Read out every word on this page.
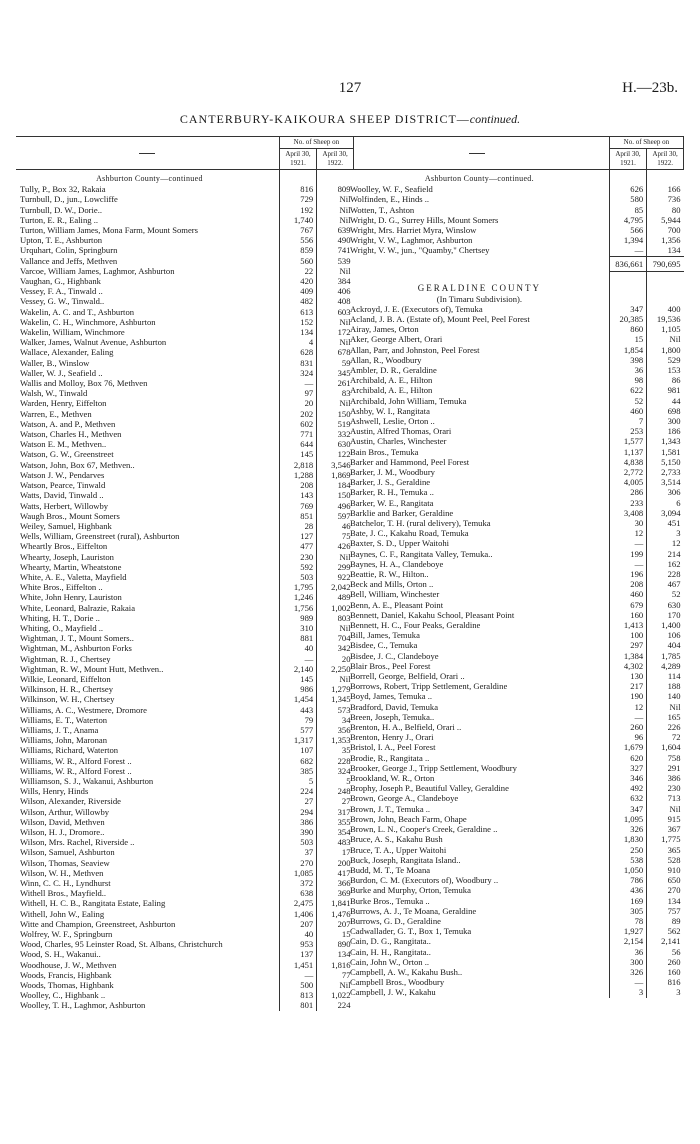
127	H.—23b.
CANTERBURY-KAIKOURA SHEEP DISTRICT—continued.
	No. of Sheep on	
	April 30, 1921.	April 30, 1922.
Ashburton County—continued		
Tully, P., Box 32, Rakaia	816	809
Turnbull, D., jun., Lowcliffe	729	Nil
Turnbull, D. W., Dorie..	192	Nil
Turton, E. R., Ealing ..	1,740	Nil
Turton, William James, Mona Farm, Mount Somers	767	639
Upton, T. E., Ashburton	556	490
Urquhart, Colin, Springburn	859	741
Vallance and Jeffs, Methven	560	539
Varcoe, William James, Laghmor, Ashburton	22	Nil
Vaughan, G., Highbank	420	384
Vessey, F. A., Tinwald ..	409	406
Vessey, G. W., Tinwald..	482	408
Wakelin, A. C. and T., Ashburton	613	603
Wakelin, C. H., Winchmore, Ashburton	152	Nil
Wakelin, William, Winchmore	134	172
Walker, James, Walnut Avenue, Ashburton	4	Nil
Wallace, Alexander, Ealing	628	678
Waller, B., Winslow	831	59
Waller, W. J., Seafield ..	324	345
Wallis and Molloy, Box 76, Methven	—	261
Walsh, W., Tinwald	97	83
Warden, Henry, Eiffelton	20	Nil
Warren, E., Methven	202	150
Watson, A. and P., Methven	602	519
Watson, Charles H., Methven	771	332
Watson E. M., Methven..	644	630
Watson, G. W., Greenstreet	145	122
Watson, John, Box 67, Methven..	2,818	3,546
Watson J. W., Pendarves	1,288	1,869
Watson, Pearce, Tinwald	208	184
Watts, David, Tinwald ..	143	150
Watts, Herbert, Willowby	769	496
Waugh Bros., Mount Somers	851	597
Weiley, Samuel, Highbank	28	46
Wells, William, Greenstreet (rural), Ashburton	127	75
Wheartly Bros., Eiffelton	477	426
Whearty, Joseph, Lauriston	230	Nil
Whearty, Martin, Wheatstone	592	299
White, A. E., Valetta, Mayfield	503	922
White Bros., Eiffelton ..	1,795	2,042
White, John Henry, Lauriston	1,246	489
White, Leonard, Balrazie, Rakaia	1,756	1,002
Whiting, H. T., Dorie ..	989	803
Whiting, O., Mayfield ..	310	Nil
Wightman, J. T., Mount Somers..	881	704
Wightman, M., Ashburton Forks	40	342
Wightman, R. J., Chertsey	—	20
Wightman, R. W., Mount Hutt, Methven..	2,140	2,250
Wilkie, Leonard, Eiffelton	145	Nil
Wilkinson, H. R., Chertsey	986	1,279
Wilkinson, W. H., Chertsey	1,454	1,345
Williams, A. C., Westmere, Dromore	443	573
Williams, E. T., Waterton	79	34
Williams, J. T., Anama	577	356
Williams, John, Maronan	1,317	1,353
Williams, Richard, Waterton	107	35
Williams, W. R., Alford Forest ..	682	228
Williams, W. R., Alford Forest ..	385	324
Williamson, S. J., Wakanui, Ashburton	5	5
Wills, Henry, Hinds	224	248
Wilson, Alexander, Riverside	27	27
Wilson, Arthur, Willowby	294	317
Wilson, David, Methven	386	355
Wilson, H. J., Dromore..	390	354
Wilson, Mrs. Rachel, Riverside ..	503	483
Wilson, Samuel, Ashburton	37	17
Wilson, Thomas, Seaview	270	200
Wilson, W. H., Methven	1,085	417
Winn, C. C. H., Lyndhurst	372	366
Withell Bros., Mayfield..	638	369
Withell, H. C. B., Rangitata Estate, Ealing	2,475	1,841
Withell, John W., Ealing	1,406	1,476
Witte and Champion, Greenstreet, Ashburton	207	207
Wolfrey, W. F., Springburn	40	15
Wood, Charles, 95 Leinster Road, St. Albans, Christchurch	953	890
Wood, S. H., Wakanui..	137	134
Woodhouse, J. W., Methven	1,451	1,816
Woods, Francis, Highbank	—	77
Woods, Thomas, Highbank	500	Nil
Woolley, C., Highbank ..	813	1,022
Woolley, T. H., Laghmor, Ashburton	801	224
	No. of Sheep on	
	April 30, 1921.	April 30, 1922.
Ashburton County—continued.		
Woolley, W. F., Seafield	626	166
Wolfinden, E., Hinds ..	580	736
Wotten, T., Ashton	85	80
Wright, D. G., Surrey Hills, Mount Somers	4,795	5,944
Wright, Mrs. Harriet Myra, Winslow	566	700
Wright, V. W., Laghmor, Ashburton	1,394	1,356
Wright, V. W., jun., "Quamby," Chertsey	—	134
	836,661	790,695
GERALDINE COUNTY		
(In Timaru Subdivision).		
Ackroyd, J. E. (Executors of), Temuka	347	400
Acland, J. B. A. (Estate of), Mount Peel, Peel Forest	20,385	19,536
Airay, James, Orton	860	1,105
Aker, George Albert, Orari	15	Nil
Allan, Parr, and Johnston, Peel Forest	1,854	1,800
Allan, R., Woodbury	398	529
Ambler, D. R., Geraldine	36	153
Archibald, A. E., Hilton	98	86
Archibald, A. E., Hilton	622	981
Archibald, John William, Temuka	52	44
Ashby, W. I., Rangitata	460	698
Ashwell, Leslie, Orton ..	7	300
Austin, Alfred Thomas, Orari	253	186
Austin, Charles, Winchester	1,577	1,343
Bain Bros., Temuka	1,137	1,581
Barker and Hammond, Peel Forest	4,838	5,150
Barker, J. M., Woodbury	2,772	2,733
Barker, J. S., Geraldine	4,005	3,514
Barker, R. H., Temuka ..	286	306
Barker, W. E., Rangitata	233	6
Barklie and Barker, Geraldine	3,408	3,094
Batchelor, T. H. (rural delivery), Temuka	30	451
Bate, J. C., Kakahu Road, Temuka	12	3
Baxter, S. D., Upper Waitohi	—	12
Baynes, C. F., Rangitata Valley, Temuka..	199	214
Baynes, H. A., Clandeboye	—	162
Beattie, R. W., Hilton..	196	228
Beck and Mills, Orton ..	208	467
Bell, William, Winchester	460	52
Benn, A. E., Pleasant Point	679	630
Bennett, Daniel, Kakahu School, Pleasant Point	160	170
Bennett, H. C., Four Peaks, Geraldine	1,413	1,400
Bill, James, Temuka	100	106
Bisdee, C., Temuka	297	404
Bisdee, J. C., Clandeboye	1,384	1,785
Blair Bros., Peel Forest	4,302	4,289
Borrell, George, Belfield, Orari ..	130	114
Borrows, Robert, Tripp Settlement, Geraldine	217	188
Boyd, James, Temuka ..	190	140
Bradford, David, Temuka	12	Nil
Breen, Joseph, Temuka..	—	165
Brenton, H. A., Belfield, Orari ..	260	226
Brenton, Henry J., Orari	96	72
Bristol, I. A., Peel Forest	1,679	1,604
Brodie, R., Rangitata ..	620	758
Brooker, George J., Tripp Settlement, Woodbury	327	291
Brookland, W. R., Orton	346	386
Brophy, Joseph P., Beautiful Valley, Geraldine	492	230
Brown, George A., Clandeboye	632	713
Brown, J. T., Temuka ..	347	Nil
Brown, John, Beach Farm, Ohape	1,095	915
Brown, L. N., Cooper's Creek, Geraldine ..	326	367
Bruce, A. S., Kakahu Bush	1,830	1,775
Bruce, T. A., Upper Waitohi	250	365
Buck, Joseph, Rangitata Island..	538	528
Budd, M. T., Te Moana	1,050	910
Burdon, C. M. (Executors of), Woodbury ..	786	650
Burke and Murphy, Orton, Temuka	436	270
Burke Bros., Temuka ..	169	134
Burrows, A. J., Te Moana, Geraldine	305	757
Burrows, G. D., Geraldine	78	89
Cadwallader, G. T., Box 1, Temuka	1,927	562
Cain, D. G., Rangitata..	2,154	2,141
Cain, H. H., Rangitata..	36	56
Cain, John W., Orton ..	300	260
Campbell, A. W., Kakahu Bush..	326	160
Campbell Bros., Woodbury	—	816
Campbell, J. W., Kakahu	3	3
